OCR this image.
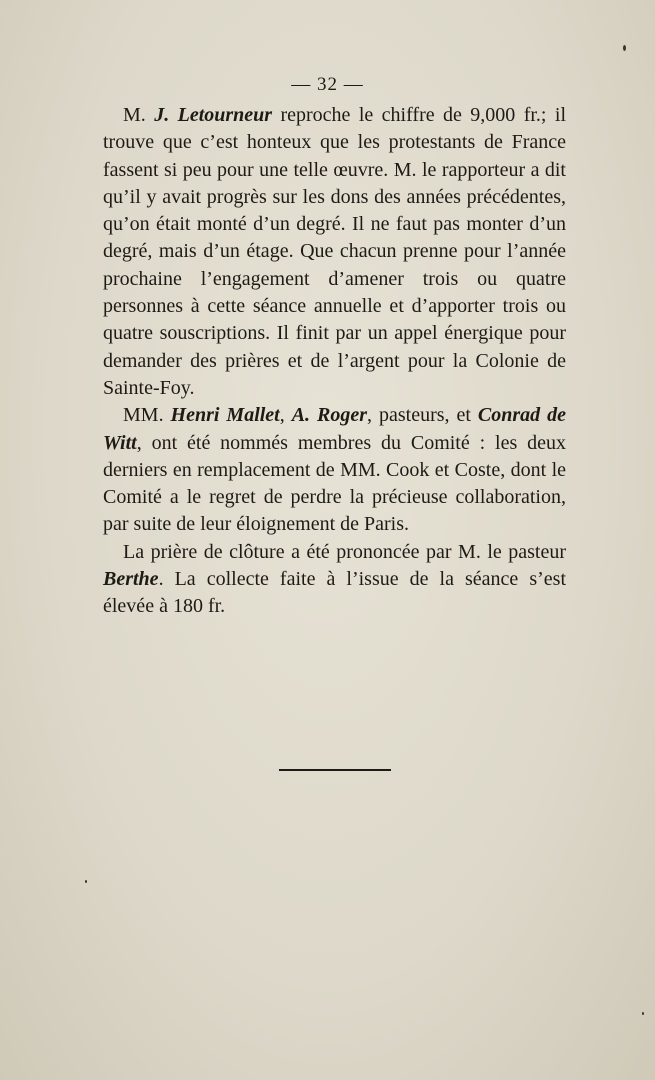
— 32 —

M. J. Letourneur reproche le chiffre de 9,000 fr.; il trouve que c’est honteux que les protestants de France fassent si peu pour une telle œuvre. M. le rapporteur a dit qu’il y avait progrès sur les dons des années précédentes, qu’on était monté d’un degré. Il ne faut pas monter d’un degré, mais d’un étage. Que chacun prenne pour l’année prochaine l’engagement d’amener trois ou quatre personnes à cette séance annuelle et d’apporter trois ou quatre souscriptions. Il finit par un appel énergique pour demander des prières et de l’argent pour la Colonie de Sainte-Foy.

MM. Henri Mallet, A. Roger, pasteurs, et Conrad de Witt, ont été nommés membres du Comité : les deux derniers en remplacement de MM. Cook et Coste, dont le Comité a le regret de perdre la précieuse collaboration, par suite de leur éloignement de Paris.

La prière de clôture a été prononcée par M. le pasteur Berthe. La collecte faite à l’issue de la séance s’est élevée à 180 fr.
